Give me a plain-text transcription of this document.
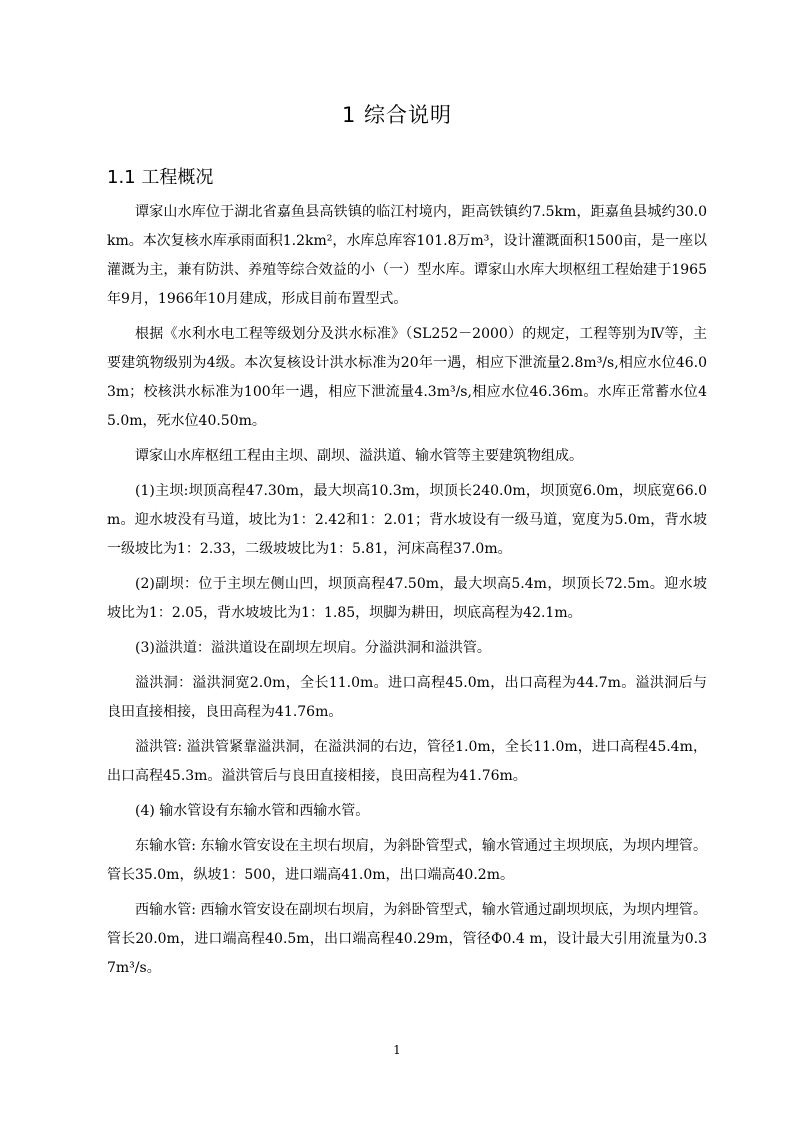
1 综合说明
1.1 工程概况

谭家山水库位于湖北省嘉鱼县高铁镇的临江村境内，距高铁镇约7.5km，距嘉鱼县城约30.0km。本次复核水库承雨面积1.2km²，水库总库容101.8万m³，设计灌溉面积1500亩，是一座以灌溉为主，兼有防洪、养殖等综合效益的小（一）型水库。谭家山水库大坝枢纽工程始建于1965年9月，1966年10月建成，形成目前布置型式。

根据《水利水电工程等级划分及洪水标准》（SL252－2000）的规定，工程等别为Ⅳ等，主要建筑物级别为4级。本次复核设计洪水标准为20年一遇，相应下泄流量2.8m³/s,相应水位46.03m；校核洪水标准为100年一遇，相应下泄流量4.3m³/s,相应水位46.36m。水库正常蓄水位45.0m，死水位40.50m。

谭家山水库枢纽工程由主坝、副坝、溢洪道、输水管等主要建筑物组成。

(1)主坝:坝顶高程47.30m，最大坝高10.3m，坝顶长240.0m，坝顶宽6.0m，坝底宽66.0m。迎水坡没有马道，坡比为1：2.42和1：2.01；背水坡设有一级马道，宽度为5.0m，背水坡一级坡比为1：2.33，二级坡坡比为1：5.81，河床高程37.0m。

(2)副坝：位于主坝左侧山凹，坝顶高程47.50m，最大坝高5.4m，坝顶长72.5m。迎水坡坡比为1：2.05，背水坡坡比为1：1.85，坝脚为耕田，坝底高程为42.1m。

(3)溢洪道：溢洪道设在副坝左坝肩。分溢洪洞和溢洪管。

溢洪洞：溢洪洞宽2.0m，全长11.0m。进口高程45.0m，出口高程为44.7m。溢洪洞后与良田直接相接，良田高程为41.76m。

溢洪管: 溢洪管紧靠溢洪洞，在溢洪洞的右边，管径1.0m，全长11.0m，进口高程45.4m，出口高程45.3m。溢洪管后与良田直接相接，良田高程为41.76m。

(4) 输水管设有东输水管和西输水管。

东输水管: 东输水管安设在主坝右坝肩，为斜卧管型式，输水管通过主坝坝底，为坝内埋管。管长35.0m，纵坡1：500，进口端高41.0m，出口端高40.2m。

西输水管: 西输水管安设在副坝右坝肩，为斜卧管型式，输水管通过副坝坝底，为坝内埋管。管长20.0m，进口端高程40.5m，出口端高程40.29m，管径Φ0.4 m，设计最大引用流量为0.37m³/s。

1
